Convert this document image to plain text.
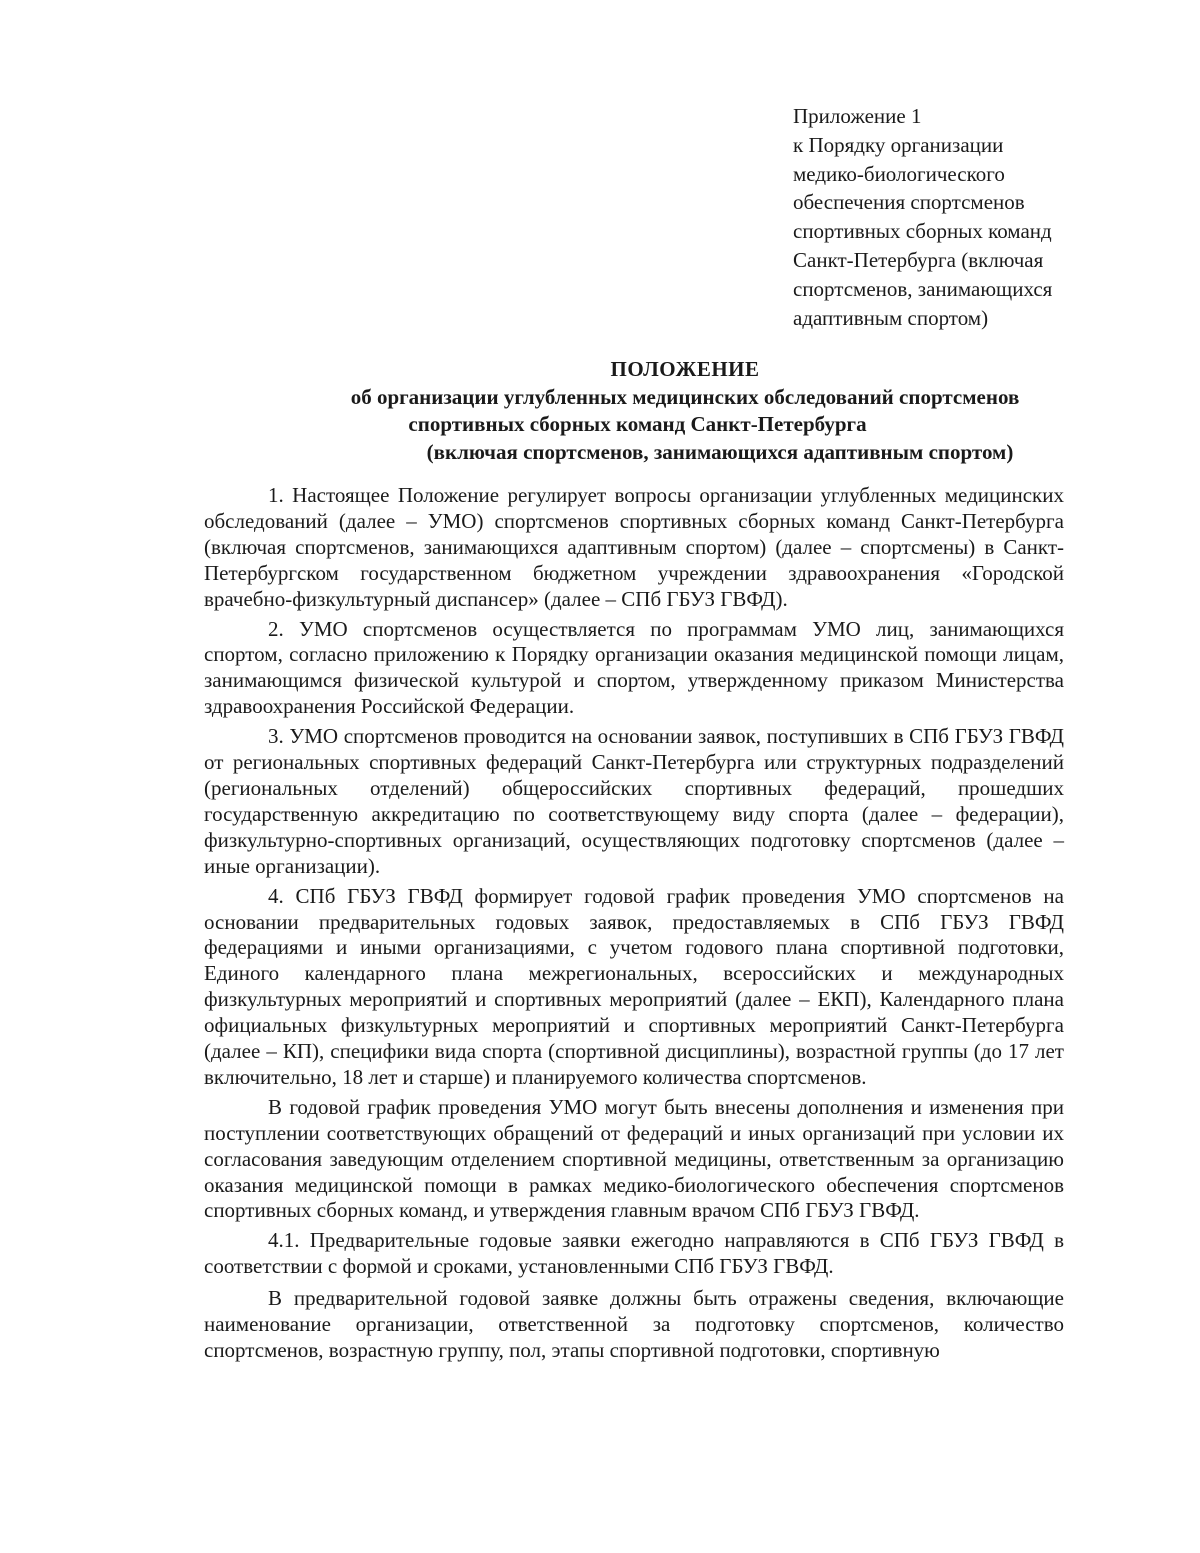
Приложение 1
к Порядку организации
медико-биологического
обеспечения спортсменов
спортивных сборных команд
Санкт-Петербурга (включая
спортсменов, занимающихся
адаптивным спортом)
ПОЛОЖЕНИЕ
об организации углубленных медицинских обследований спортсменов
спортивных сборных команд Санкт-Петербурга
(включая спортсменов, занимающихся адаптивным спортом)

1. Настоящее Положение регулирует вопросы организации углубленных медицинских обследований (далее – УМО) спортсменов спортивных сборных команд Санкт-Петербурга (включая спортсменов, занимающихся адаптивным спортом) (далее – спортсмены) в Санкт-Петербургском государственном бюджетном учреждении здравоохранения «Городской врачебно-физкультурный диспансер» (далее – СПб ГБУЗ ГВФД).

2. УМО спортсменов осуществляется по программам УМО лиц, занимающихся спортом, согласно приложению к Порядку организации оказания медицинской помощи лицам, занимающимся физической культурой и спортом, утвержденному приказом Министерства здравоохранения Российской Федерации.

3. УМО спортсменов проводится на основании заявок, поступивших в СПб ГБУЗ ГВФД от региональных спортивных федераций Санкт-Петербурга или структурных подразделений (региональных отделений) общероссийских спортивных федераций, прошедших государственную аккредитацию по соответствующему виду спорта (далее – федерации), физкультурно-спортивных организаций, осуществляющих подготовку спортсменов (далее – иные организации).

4. СПб ГБУЗ ГВФД формирует годовой график проведения УМО спортсменов на основании предварительных годовых заявок, предоставляемых в СПб ГБУЗ ГВФД федерациями и иными организациями, с учетом годового плана спортивной подготовки, Единого календарного плана межрегиональных, всероссийских и международных физкультурных мероприятий и спортивных мероприятий (далее – ЕКП), Календарного плана официальных физкультурных мероприятий и спортивных мероприятий Санкт-Петербурга (далее – КП), специфики вида спорта (спортивной дисциплины), возрастной группы (до 17 лет включительно, 18 лет и старше) и планируемого количества спортсменов.

В годовой график проведения УМО могут быть внесены дополнения и изменения при поступлении соответствующих обращений от федераций и иных организаций при условии их согласования заведующим отделением спортивной медицины, ответственным за организацию оказания медицинской помощи в рамках медико-биологического обеспечения спортсменов спортивных сборных команд, и утверждения главным врачом СПб ГБУЗ ГВФД.

4.1. Предварительные годовые заявки ежегодно направляются в СПб ГБУЗ ГВФД в соответствии с формой и сроками, установленными СПб ГБУЗ ГВФД.

В предварительной годовой заявке должны быть отражены сведения, включающие наименование организации, ответственной за подготовку спортсменов, количество спортсменов, возрастную группу, пол, этапы спортивной подготовки, спортивную
